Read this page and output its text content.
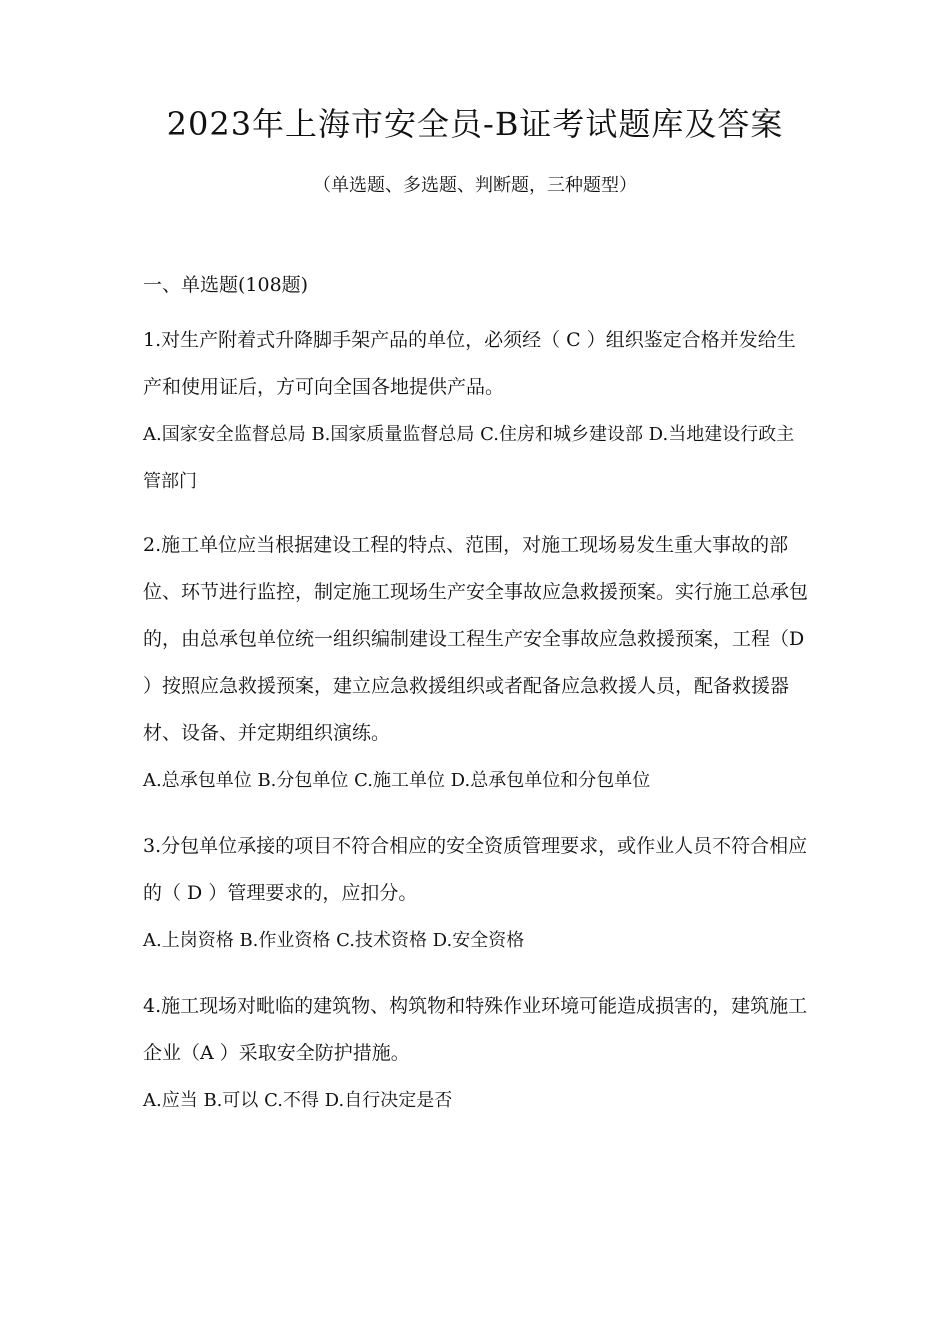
2023年上海市安全员-B证考试题库及答案
（单选题、多选题、判断题，三种题型）
一、单选题(108题)

1.对生产附着式升降脚手架产品的单位，必须经（ C ）组织鉴定合格并发给生产和使用证后，方可向全国各地提供产品。

A.国家安全监督总局 B.国家质量监督总局 C.住房和城乡建设部 D.当地建设行政主管部门

2.施工单位应当根据建设工程的特点、范围，对施工现场易发生重大事故的部位、环节进行监控，制定施工现场生产安全事故应急救援预案。实行施工总承包的，由总承包单位统一组织编制建设工程生产安全事故应急救援预案，工程（D ）按照应急救援预案，建立应急救援组织或者配备应急救援人员，配备救援器材、设备、并定期组织演练。

A.总承包单位 B.分包单位 C.施工单位 D.总承包单位和分包单位

3.分包单位承接的项目不符合相应的安全资质管理要求，或作业人员不符合相应的（ D ）管理要求的，应扣分。

A.上岗资格 B.作业资格 C.技术资格 D.安全资格

4.施工现场对毗临的建筑物、构筑物和特殊作业环境可能造成损害的，建筑施工企业（A ）采取安全防护措施。

A.应当 B.可以 C.不得 D.自行决定是否
